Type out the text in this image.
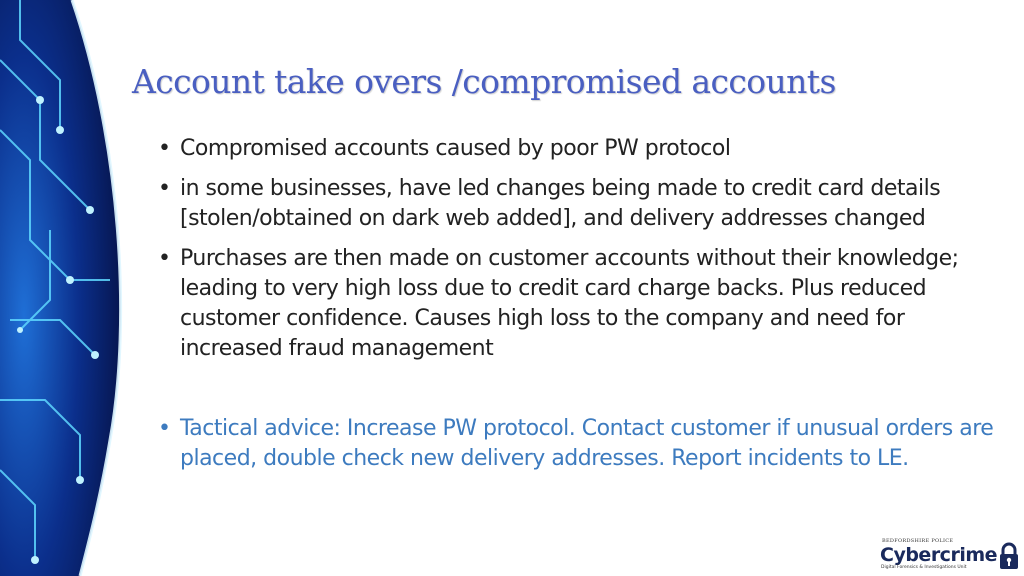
Account take overs /compromised accounts
• Compromised accounts caused by poor PW protocol
• in some businesses, have led changes being made to credit card details [stolen/obtained on dark web added], and delivery addresses changed
• Purchases are then made on customer accounts without their knowledge; leading to very high loss due to credit card charge backs. Plus reduced customer confidence. Causes high loss to the company and need for increased fraud management
• Tactical advice: Increase PW protocol. Contact customer if unusual orders are placed, double check new delivery addresses. Report incidents to LE.
BEDFORDSHIRE POLICE
Cybercrime
Digital Forensics & Investigations Unit
